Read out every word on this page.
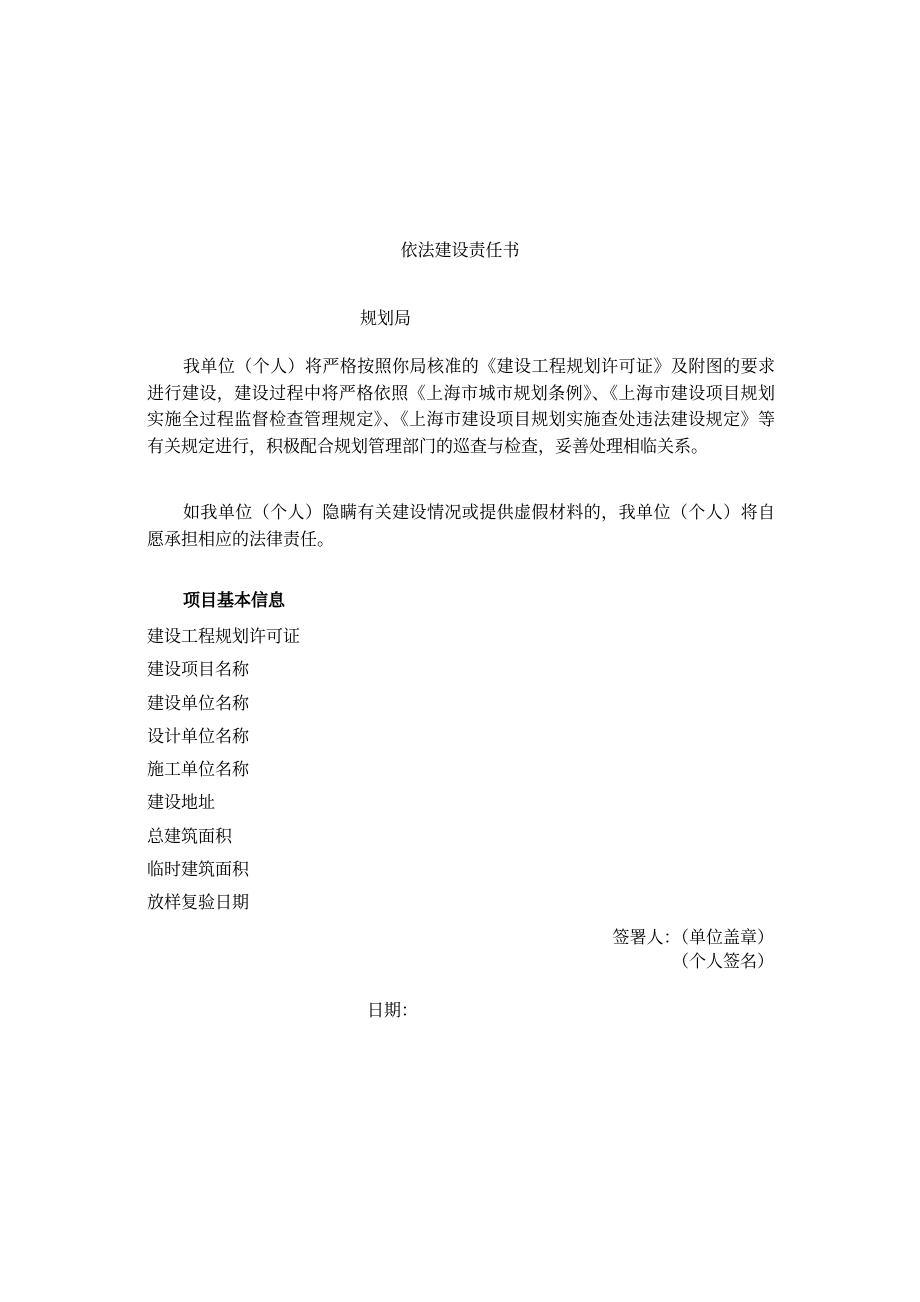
依法建设责任书
规划局

我单位（个人）将严格按照你局核准的《建设工程规划许可证》及附图的要求进行建设，建设过程中将严格依照《上海市城市规划条例》、《上海市建设项目规划实施全过程监督检查管理规定》、《上海市建设项目规划实施查处违法建设规定》等有关规定进行，积极配合规划管理部门的巡查与检查，妥善处理相临关系。

如我单位（个人）隐瞒有关建设情况或提供虚假材料的，我单位（个人）将自愿承担相应的法律责任。

项目基本信息
建设工程规划许可证
建设项目名称
建设单位名称
设计单位名称
施工单位名称
建设地址
总建筑面积
临时建筑面积
放样复验日期
签署人：（单位盖章）
（个人签名）
日期：
